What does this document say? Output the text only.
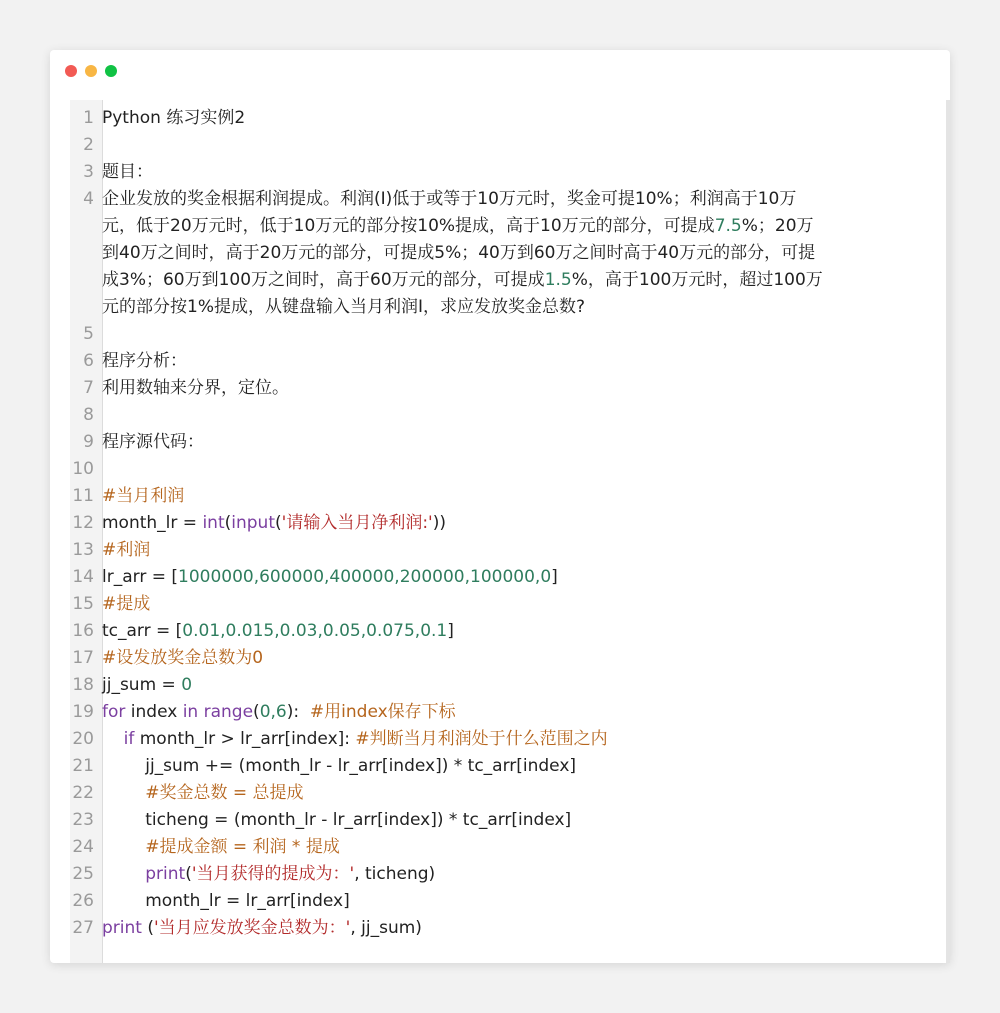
1 Python 练习实例2
2
3 题目：
4 企业发放的奖金根据利润提成。利润(I)低于或等于10万元时，奖金可提10%；利润高于10万
元，低于20万元时，低于10万元的部分按10%提成，高于10万元的部分，可提成7.5%；20万
到40万之间时，高于20万元的部分，可提成5%；40万到60万之间时高于40万元的部分，可提
成3%；60万到100万之间时，高于60万元的部分，可提成1.5%，高于100万元时，超过100万
元的部分按1%提成，从键盘输入当月利润I，求应发放奖金总数?
5
6 程序分析：
7 利用数轴来分界，定位。
8
9 程序源代码：
10
11 #当月利润
12 month_lr = int(input('请输入当月净利润:'))
13 #利润
14 lr_arr = [1000000,600000,400000,200000,100000,0]
15 #提成
16 tc_arr = [0.01,0.015,0.03,0.05,0.075,0.1]
17 #设发放奖金总数为0
18 jj_sum = 0
19 for index in range(0,6):  #用index保存下标
20	if month_lr > lr_arr[index]: #判断当月利润处于什么范围之内
21 jj_sum += (month_lr - lr_arr[index]) * tc_arr[index]
22	#奖金总数 = 总提成
23 ticheng = (month_lr - lr_arr[index]) * tc_arr[index]
24	#提成金额 = 利润 * 提成
25	print('当月获得的提成为：', ticheng)
26 month_lr = lr_arr[index]
27 print ('当月应发放奖金总数为：', jj_sum)
